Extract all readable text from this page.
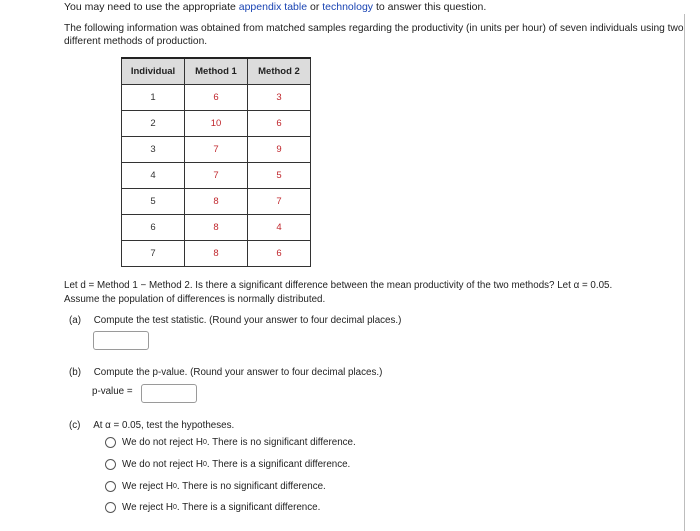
You may need to use the appropriate appendix table or technology to answer this question.
The following information was obtained from matched samples regarding the productivity (in units per hour) of seven individuals using two different methods of production.
Individual	Method 1	Method 2
1	6	3
2	10	6
3	7	9
4	7	5
5	8	7
6	8	4
7	8	6
Let d = Method 1 − Method 2. Is there a significant difference between the mean productivity of the two methods? Let α = 0.05.
Assume the population of differences is normally distributed.
(a) Compute the test statistic. (Round your answer to four decimal places.)
(b) Compute the p-value. (Round your answer to four decimal places.)
p-value =
(c) At α = 0.05, test the hypotheses.
We do not reject H 0 . There is no significant difference.
We do not reject H 0 . There is a significant difference.
We reject H 0 . There is no significant difference.
We reject H 0 . There is a significant difference.
